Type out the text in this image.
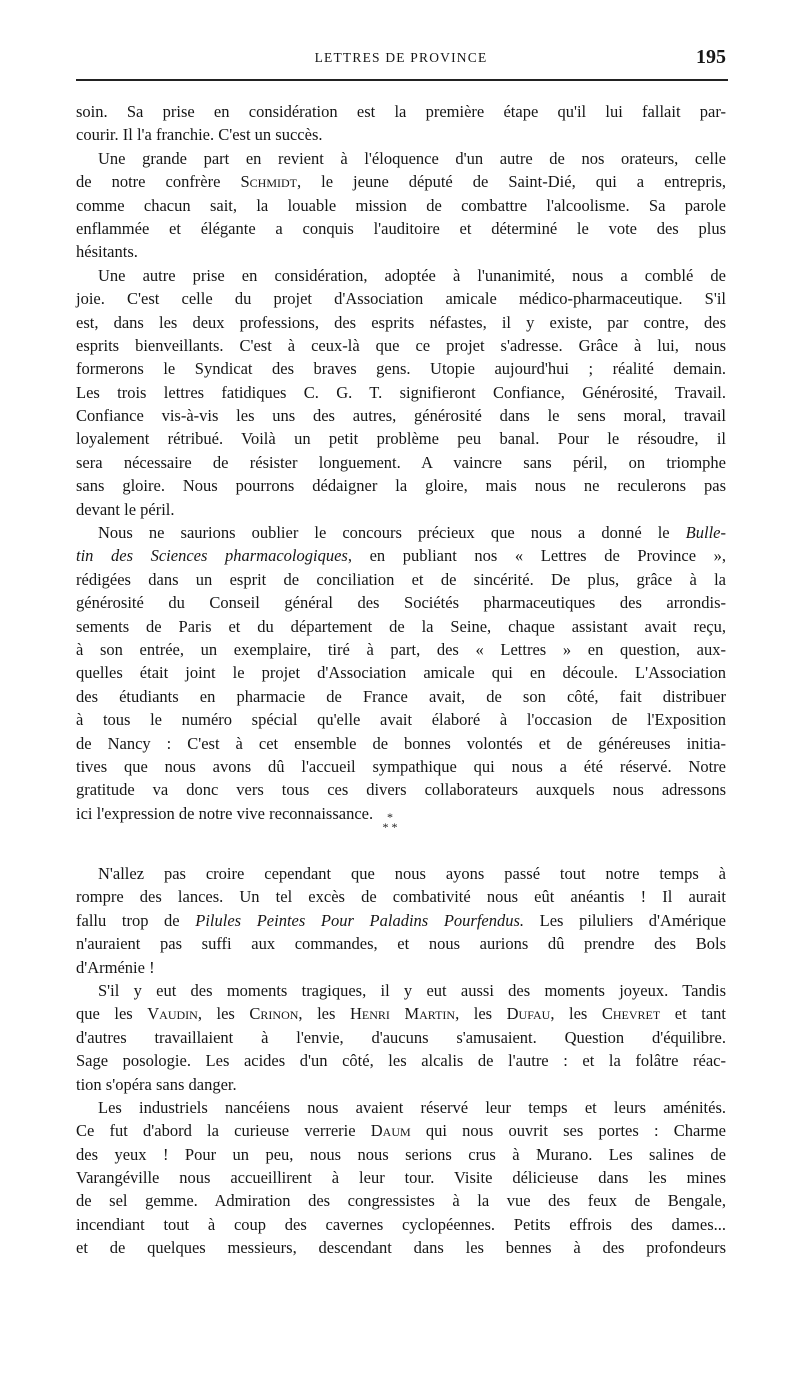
LETTRES DE PROVINCE	195
soin. Sa prise en considération est la première étape qu'il lui fallait par-
courir. Il l'a franchie. C'est un succès.
Une grande part en revient à l'éloquence d'un autre de nos orateurs, celle
de notre confrère Schmidt, le jeune député de Saint-Dié, qui a entrepris,
comme chacun sait, la louable mission de combattre l'alcoolisme. Sa parole
enflammée et élégante a conquis l'auditoire et déterminé le vote des plus
hésitants.
Une autre prise en considération, adoptée à l'unanimité, nous a comblé de
joie. C'est celle du projet d'Association amicale médico-pharmaceutique. S'il
est, dans les deux professions, des esprits néfastes, il y existe, par contre, des
esprits bienveillants. C'est à ceux-là que ce projet s'adresse. Grâce à lui, nous
formerons le Syndicat des braves gens. Utopie aujourd'hui ; réalité demain.
Les trois lettres fatidiques C. G. T. signifieront Confiance, Générosité, Travail.
Confiance vis-à-vis les uns des autres, générosité dans le sens moral, travail
loyalement rétribué. Voilà un petit problème peu banal. Pour le résoudre, il
sera nécessaire de résister longuement. A vaincre sans péril, on triomphe
sans gloire. Nous pourrons dédaigner la gloire, mais nous ne reculerons pas
devant le péril.
Nous ne saurions oublier le concours précieux que nous a donné le Bulle-
tin des Sciences pharmacologiques, en publiant nos « Lettres de Province »,
rédigées dans un esprit de conciliation et de sincérité. De plus, grâce à la
générosité du Conseil général des Sociétés pharmaceutiques des arrondis-
sements de Paris et du département de la Seine, chaque assistant avait reçu,
à son entrée, un exemplaire, tiré à part, des « Lettres » en question, aux-
quelles était joint le projet d'Association amicale qui en découle. L'Association
des étudiants en pharmacie de France avait, de son côté, fait distribuer
à tous le numéro spécial qu'elle avait élaboré à l'occasion de l'Exposition
de Nancy : C'est à cet ensemble de bonnes volontés et de généreuses initia-
tives que nous avons dû l'accueil sympathique qui nous a été réservé. Notre
gratitude va donc vers tous ces divers collaborateurs auxquels nous adressons
ici l'expression de notre vive reconnaissance.	*
* *
N'allez pas croire cependant que nous ayons passé tout notre temps à
rompre des lances. Un tel excès de combativité nous eût anéantis ! Il aurait
fallu trop de Pilules Peintes Pour Paladins Pourfendus. Les piluliers d'Amérique
n'auraient pas suffi aux commandes, et nous aurions dû prendre des Bols
d'Arménie !
S'il y eut des moments tragiques, il y eut aussi des moments joyeux. Tandis
que les Vaudin, les Crinon, les Henri Martin, les Dufau, les Chevret et tant
d'autres travaillaient à l'envie, d'aucuns s'amusaient. Question d'équilibre.
Sage posologie. Les acides d'un côté, les alcalis de l'autre : et la folâtre réac-
tion s'opéra sans danger.
Les industriels nancéiens nous avaient réservé leur temps et leurs aménités.
Ce fut d'abord la curieuse verrerie Daum qui nous ouvrit ses portes : Charme
des yeux ! Pour un peu, nous nous serions crus à Murano. Les salines de
Varangéville nous accueillirent à leur tour. Visite délicieuse dans les mines
de sel gemme. Admiration des congressistes à la vue des feux de Bengale,
incendiant tout à coup des cavernes cyclopéennes. Petits effrois des dames...
et de quelques messieurs, descendant dans les bennes à des profondeurs
